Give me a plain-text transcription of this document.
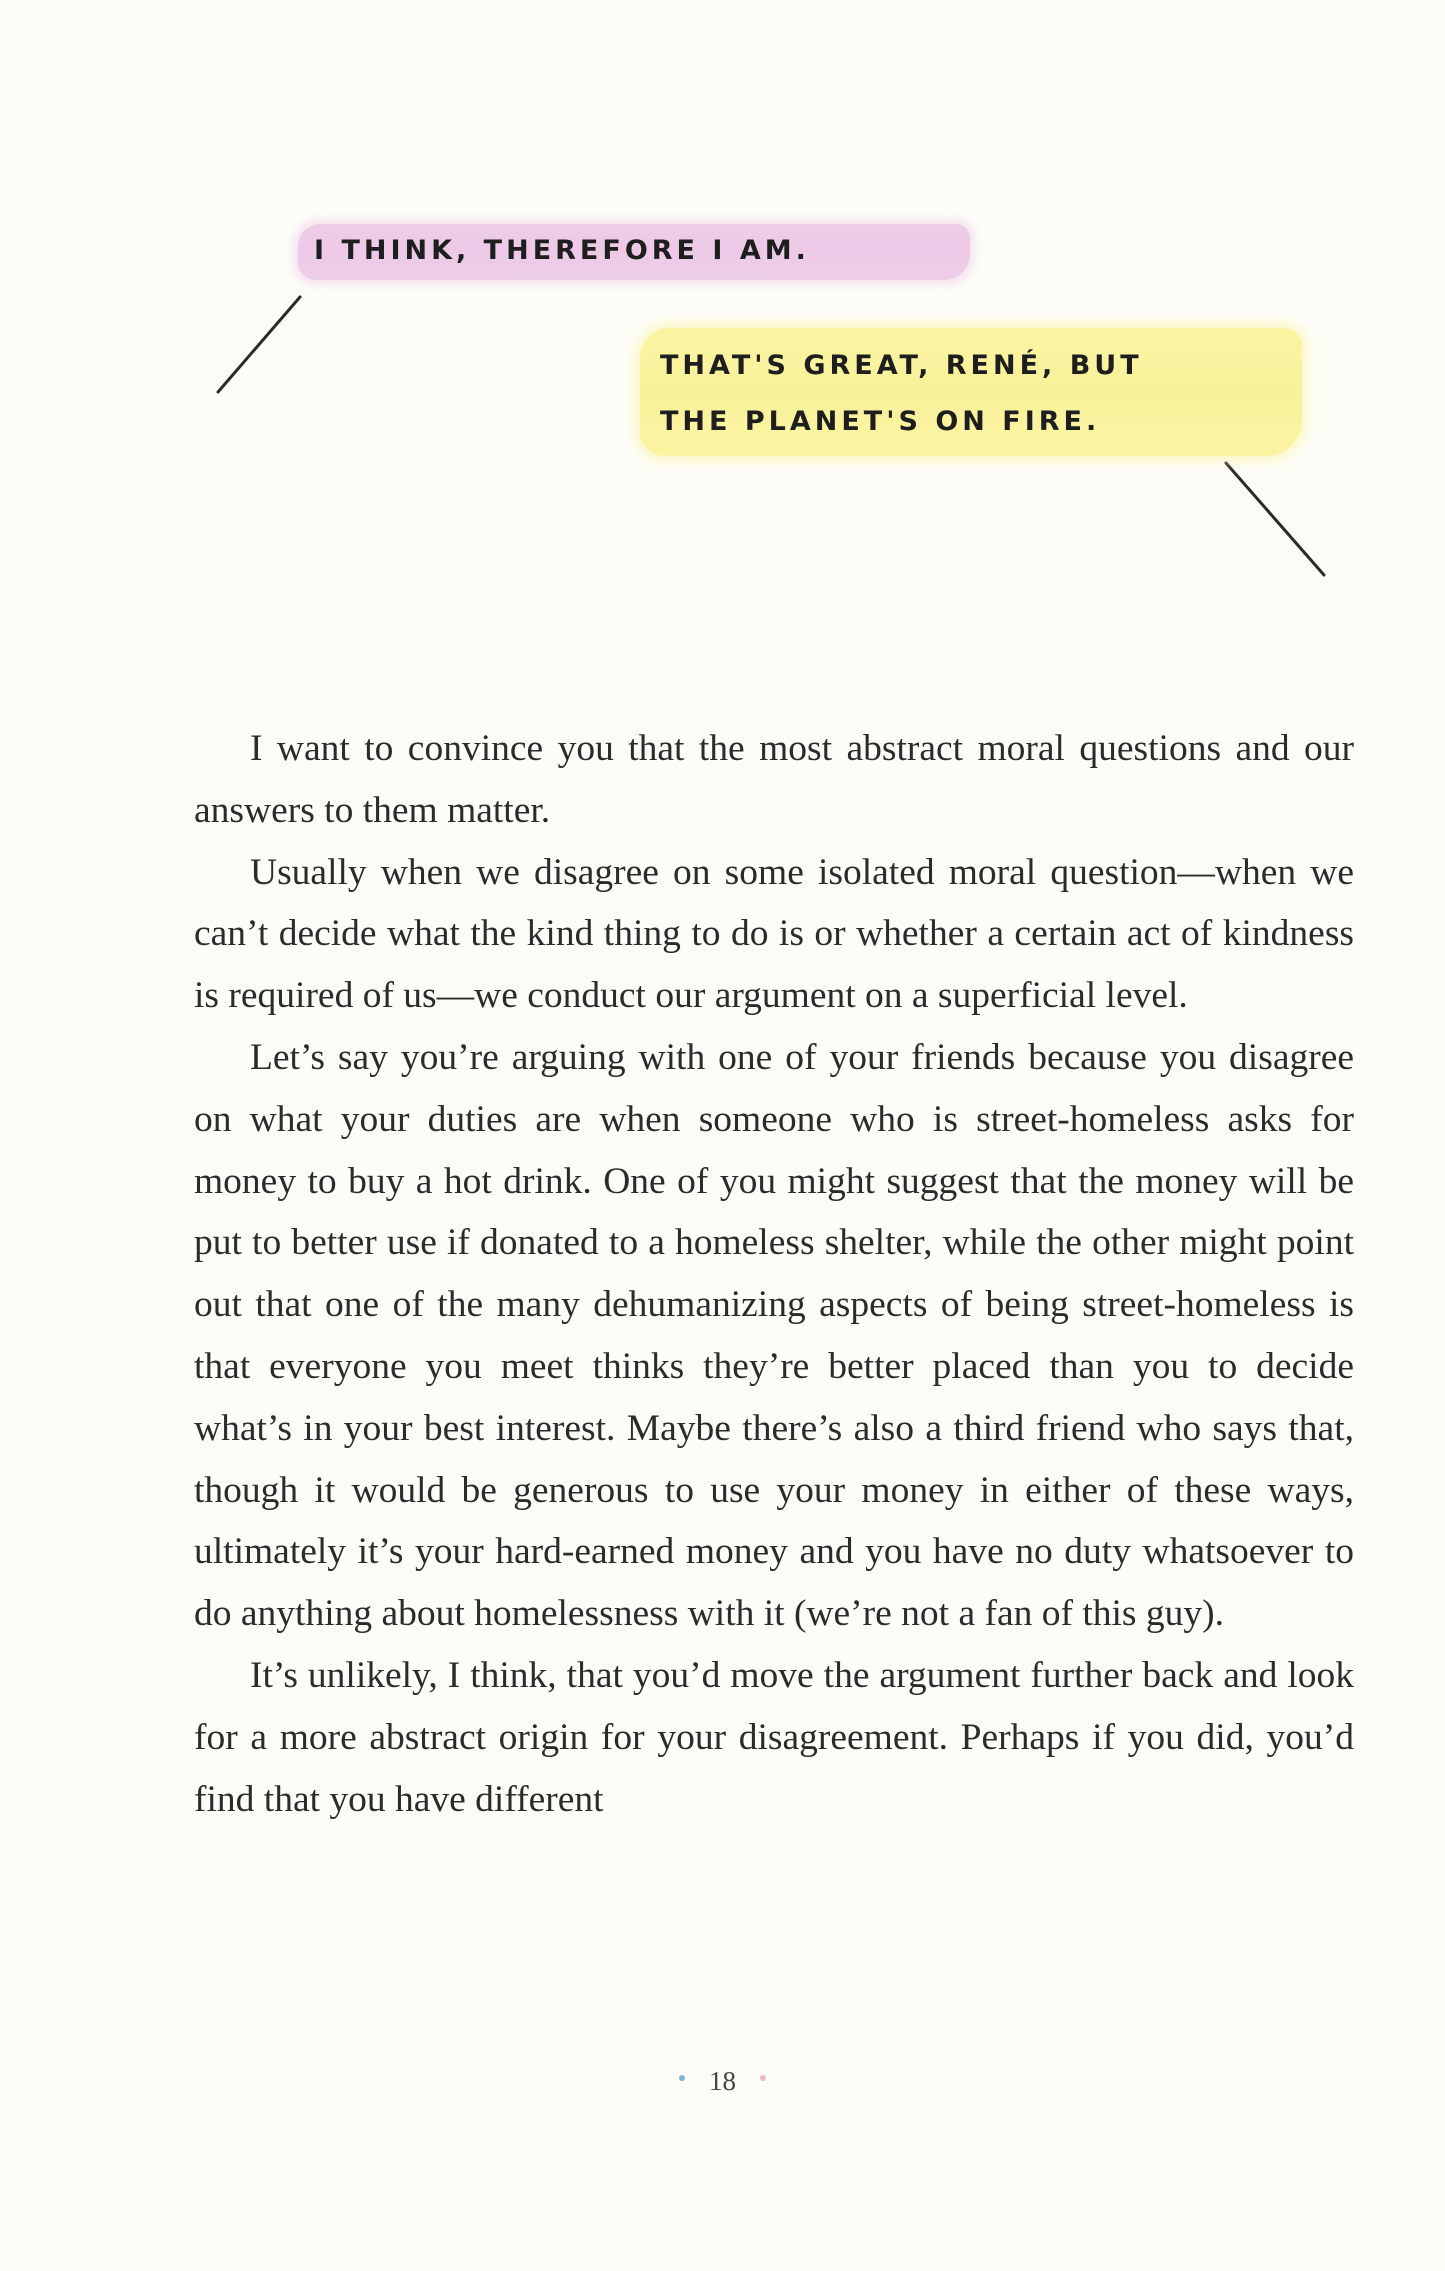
I THINK, THEREFORE I AM.
THAT'S GREAT, RENÉ, BUT
THE PLANET'S ON FIRE.

I want to convince you that the most abstract moral questions and our answers to them matter.

Usually when we disagree on some isolated moral question—when we can’t decide what the kind thing to do is or whether a certain act of kindness is required of us—we conduct our argument on a superficial level.

Let’s say you’re arguing with one of your friends because you disagree on what your duties are when someone who is street-homeless asks for money to buy a hot drink. One of you might suggest that the money will be put to better use if donated to a homeless shelter, while the other might point out that one of the many dehumanizing aspects of being street-homeless is that everyone you meet thinks they’re better placed than you to decide what’s in your best interest. Maybe there’s also a third friend who says that, though it would be generous to use your money in either of these ways, ultimately it’s your hard-earned money and you have no duty whatsoever to do anything about homelessness with it (we’re not a fan of this guy).

It’s unlikely, I think, that you’d move the argument further back and look for a more abstract origin for your disagreement. Perhaps if you did, you’d find that you have different

18
